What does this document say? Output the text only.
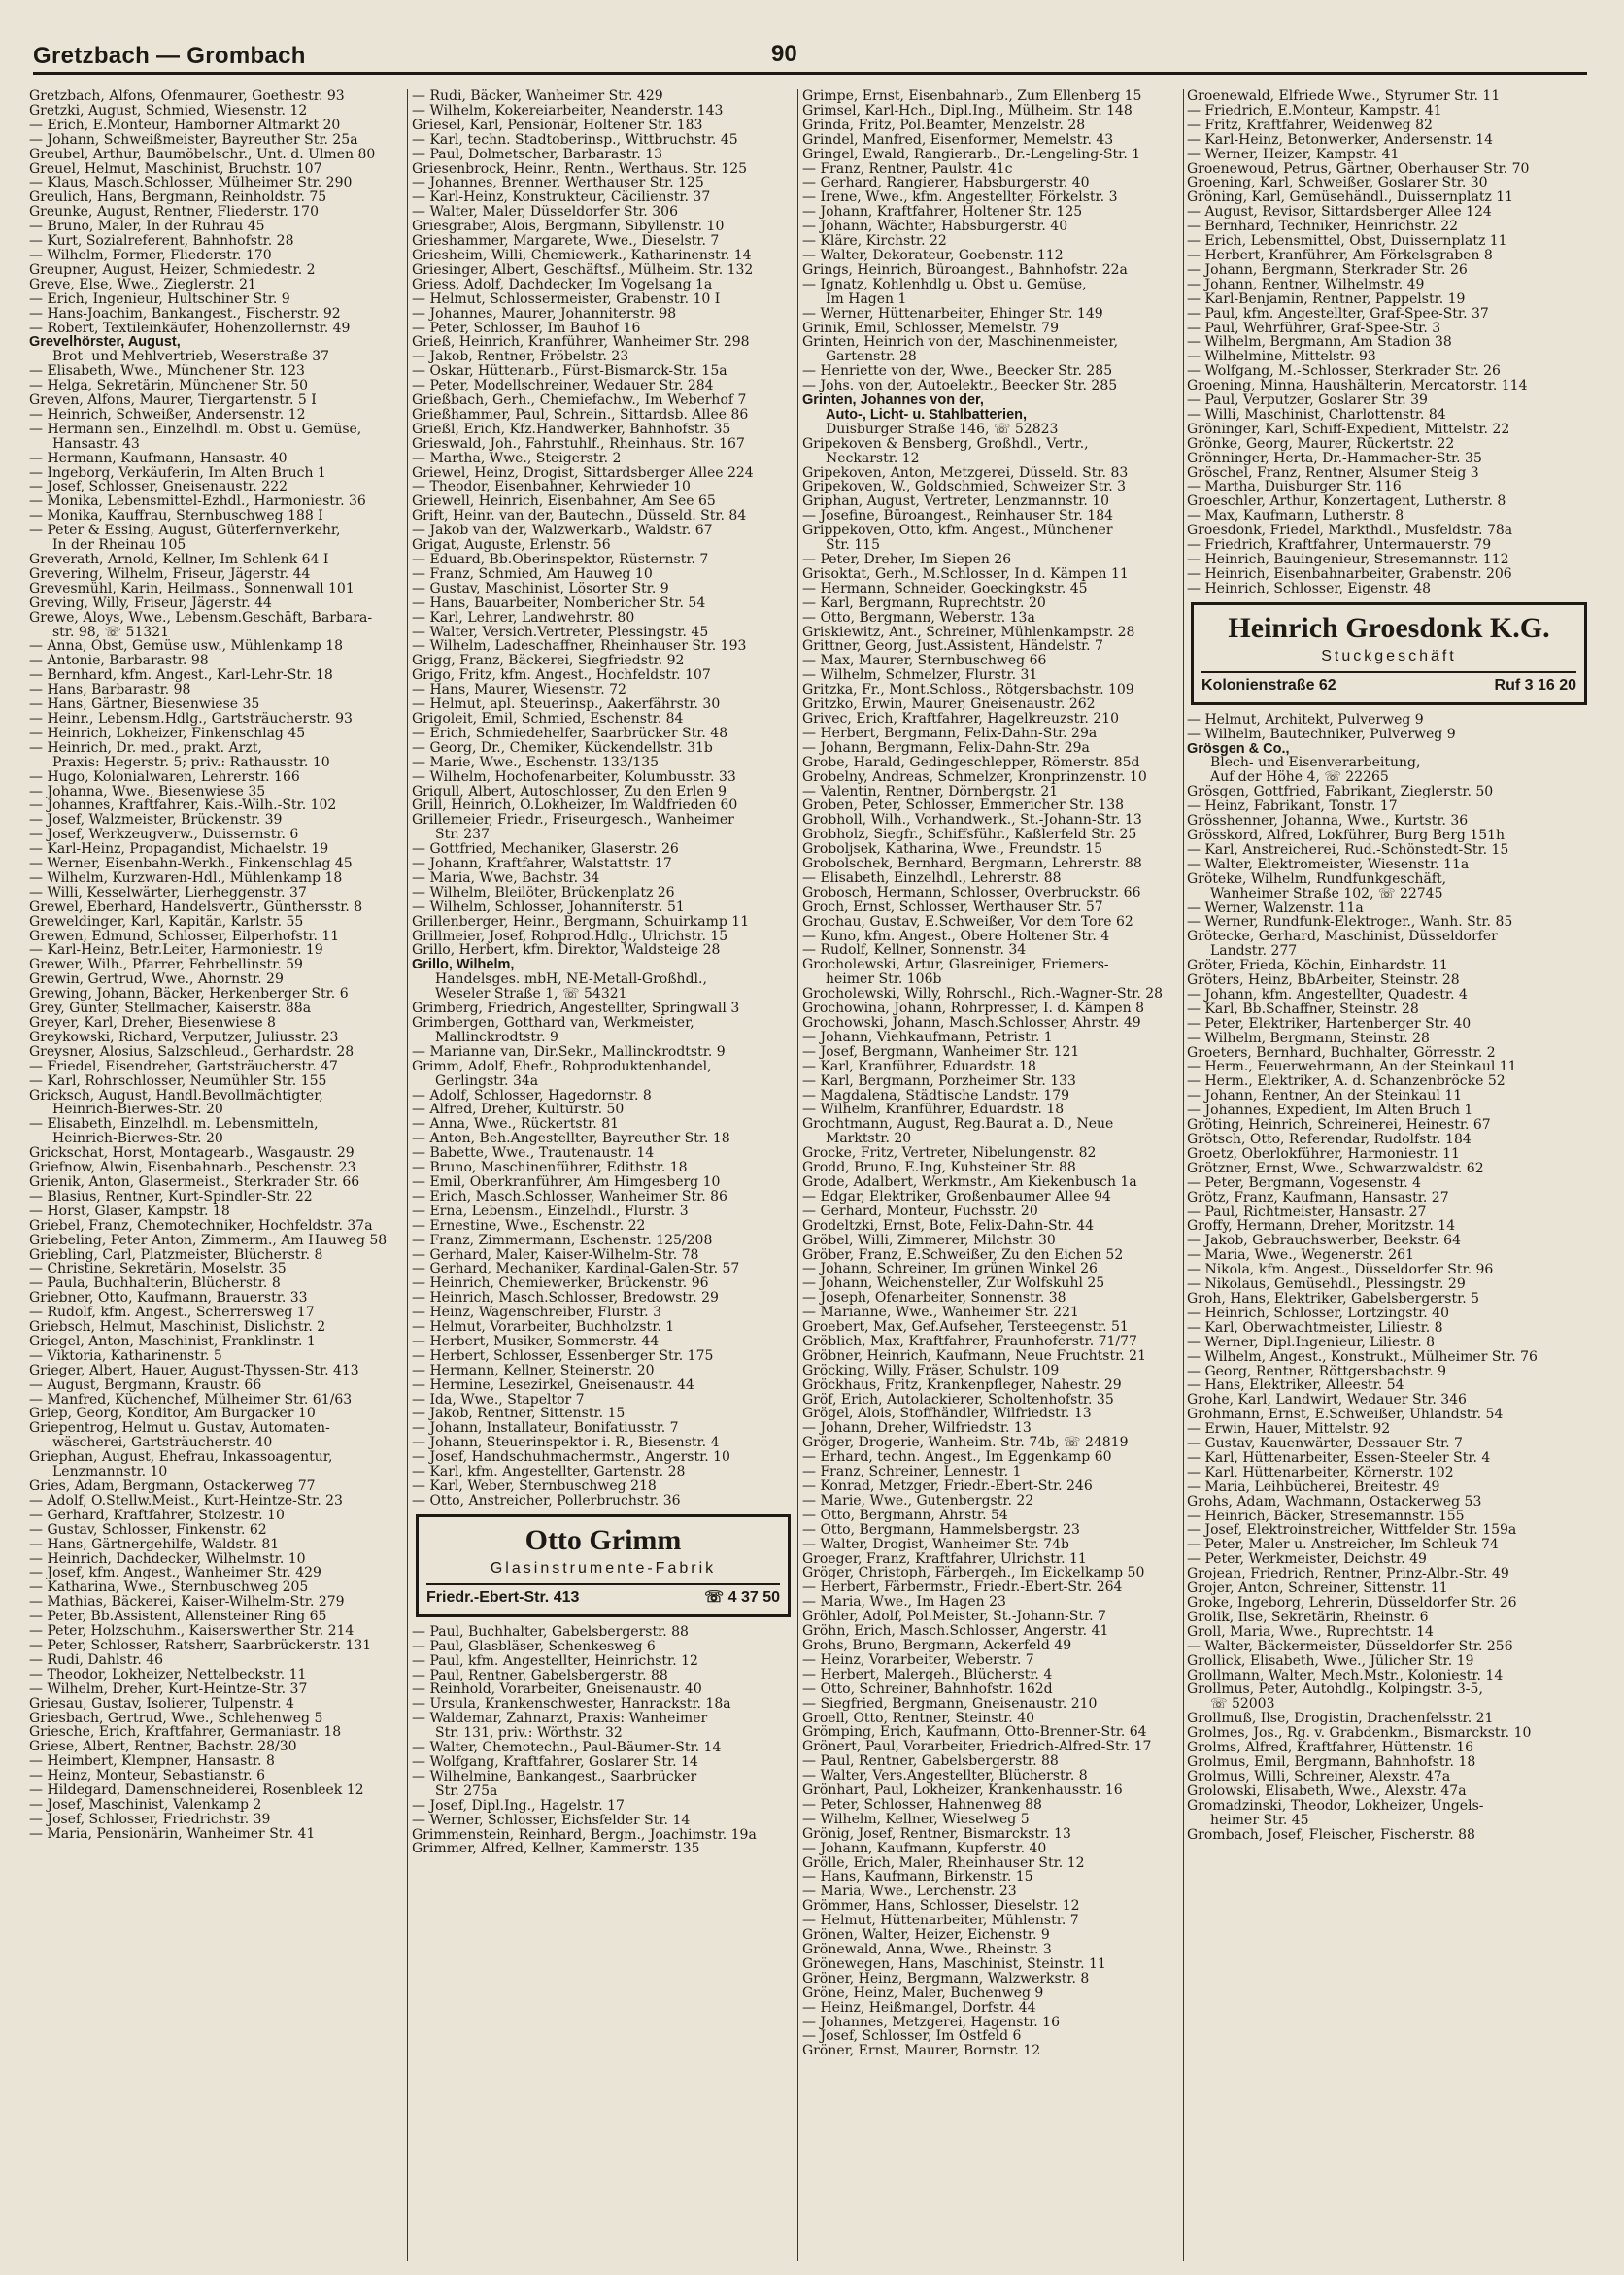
Gretzbach — Grombach	90
Gretzbach, Alfons, Ofenmaurer, Goethestr. 93
Gretzki, August, Schmied, Wiesenstr. 12
— Erich, E.Monteur, Hamborner Altmarkt 20
— Johann, Schweißmeister, Bayreuther Str. 25a
Greubel, Arthur, Baumöbelschr., Unt. d. Ulmen 80
Greuel, Helmut, Maschinist, Bruchstr. 107
— Klaus, Masch.Schlosser, Mülheimer Str. 290
Greulich, Hans, Bergmann, Reinholdstr. 75
Greunke, August, Rentner, Fliederstr. 170
— Bruno, Maler, In der Ruhrau 45
— Kurt, Sozialreferent, Bahnhofstr. 28
— Wilhelm, Former, Fliederstr. 170
Greupner, August, Heizer, Schmiedestr. 2
Greve, Else, Wwe., Zieglerstr. 21
— Erich, Ingenieur, Hultschiner Str. 9
— Hans-Joachim, Bankangest., Fischerstr. 92
— Robert, Textileinkäufer, Hohenzollernstr. 49
Grevelhörster, August,
Brot- und Mehlvertrieb, Weserstraße 37
— Elisabeth, Wwe., Münchener Str. 123
— Helga, Sekretärin, Münchener Str. 50
Greven, Alfons, Maurer, Tiergartenstr. 5 I
— Heinrich, Schweißer, Andersenstr. 12
— Hermann sen., Einzelhdl. m. Obst u. Gemüse,
Hansastr. 43
— Hermann, Kaufmann, Hansastr. 40
— Ingeborg, Verkäuferin, Im Alten Bruch 1
— Josef, Schlosser, Gneisenaustr. 222
— Monika, Lebensmittel-Ezhdl., Harmoniestr. 36
— Monika, Kauffrau, Sternbuschweg 188 I
— Peter & Essing, August, Güterfernverkehr,
In der Rheinau 105
Greverath, Arnold, Kellner, Im Schlenk 64 I
Grevering, Wilhelm, Friseur, Jägerstr. 44
Grevesmühl, Karin, Heilmass., Sonnenwall 101
Greving, Willy, Friseur, Jägerstr. 44
Grewe, Aloys, Wwe., Lebensm.Geschäft, Barbara-
str. 98, ☏ 51321
— Anna, Obst, Gemüse usw., Mühlenkamp 18
— Antonie, Barbarastr. 98
— Bernhard, kfm. Angest., Karl-Lehr-Str. 18
— Hans, Barbarastr. 98
— Hans, Gärtner, Biesenwiese 35
— Heinr., Lebensm.Hdlg., Gartsträucherstr. 93
— Heinrich, Lokheizer, Finkenschlag 45
— Heinrich, Dr. med., prakt. Arzt,
Praxis: Hegerstr. 5; priv.: Rathausstr. 10
— Hugo, Kolonialwaren, Lehrerstr. 166
— Johanna, Wwe., Biesenwiese 35
— Johannes, Kraftfahrer, Kais.-Wilh.-Str. 102
— Josef, Walzmeister, Brückenstr. 39
— Josef, Werkzeugverw., Duissernstr. 6
— Karl-Heinz, Propagandist, Michaelstr. 19
— Werner, Eisenbahn-Werkh., Finkenschlag 45
— Wilhelm, Kurzwaren-Hdl., Mühlenkamp 18
— Willi, Kesselwärter, Lierheggenstr. 37
Grewel, Eberhard, Handelsvertr., Günthersstr. 8
Greweldinger, Karl, Kapitän, Karlstr. 55
Grewen, Edmund, Schlosser, Eilperhofstr. 11
— Karl-Heinz, Betr.Leiter, Harmoniestr. 19
Grewer, Wilh., Pfarrer, Fehrbellinstr. 59
Grewin, Gertrud, Wwe., Ahornstr. 29
Grewing, Johann, Bäcker, Herkenberger Str. 6
Grey, Günter, Stellmacher, Kaiserstr. 88a
Greyer, Karl, Dreher, Biesenwiese 8
Greykowski, Richard, Verputzer, Juliusstr. 23
Greysner, Alosius, Salzschleud., Gerhardstr. 28
— Friedel, Eisendreher, Gartsträucherstr. 47
— Karl, Rohrschlosser, Neumühler Str. 155
Gricksch, August, Handl.Bevollmächtigter,
Heinrich-Bierwes-Str. 20
— Elisabeth, Einzelhdl. m. Lebensmitteln,
Heinrich-Bierwes-Str. 20
Grickschat, Horst, Montagearb., Wasgaustr. 29
Griefnow, Alwin, Eisenbahnarb., Peschenstr. 23
Grienik, Anton, Glasermeist., Sterkrader Str. 66
— Blasius, Rentner, Kurt-Spindler-Str. 22
— Horst, Glaser, Kampstr. 18
Griebel, Franz, Chemotechniker, Hochfeldstr. 37a
Griebeling, Peter Anton, Zimmerm., Am Hauweg 58
Griebling, Carl, Platzmeister, Blücherstr. 8
— Christine, Sekretärin, Moselstr. 35
— Paula, Buchhalterin, Blücherstr. 8
Griebner, Otto, Kaufmann, Brauerstr. 33
— Rudolf, kfm. Angest., Scherrersweg 17
Griebsch, Helmut, Maschinist, Dislichstr. 2
Griegel, Anton, Maschinist, Franklinstr. 1
— Viktoria, Katharinenstr. 5
Grieger, Albert, Hauer, August-Thyssen-Str. 413
— August, Bergmann, Kraustr. 66
— Manfred, Küchenchef, Mülheimer Str. 61/63
Griep, Georg, Konditor, Am Burgacker 10
Griepentrog, Helmut u. Gustav, Automaten-
wäscherei, Gartsträucherstr. 40
Griephan, August, Ehefrau, Inkassoagentur,
Lenzmannstr. 10
Gries, Adam, Bergmann, Ostackerweg 77
— Adolf, O.Stellw.Meist., Kurt-Heintze-Str. 23
— Gerhard, Kraftfahrer, Stolzestr. 10
— Gustav, Schlosser, Finkenstr. 62
— Hans, Gärtnergehilfe, Waldstr. 81
— Heinrich, Dachdecker, Wilhelmstr. 10
— Josef, kfm. Angest., Wanheimer Str. 429
— Katharina, Wwe., Sternbuschweg 205
— Mathias, Bäckerei, Kaiser-Wilhelm-Str. 279
— Peter, Bb.Assistent, Allensteiner Ring 65
— Peter, Holzschuhm., Kaiserswerther Str. 214
— Peter, Schlosser, Ratsherr, Saarbrückerstr. 131
— Rudi, Dahlstr. 46
— Theodor, Lokheizer, Nettelbeckstr. 11
— Wilhelm, Dreher, Kurt-Heintze-Str. 37
Griesau, Gustav, Isolierer, Tulpenstr. 4
Griesbach, Gertrud, Wwe., Schlehenweg 5
Griesche, Erich, Kraftfahrer, Germaniastr. 18
Griese, Albert, Rentner, Bachstr. 28/30
— Heimbert, Klempner, Hansastr. 8
— Heinz, Monteur, Sebastianstr. 6
— Hildegard, Damenschneiderei, Rosenbleek 12
— Josef, Maschinist, Valenkamp 2
— Josef, Schlosser, Friedrichstr. 39
— Maria, Pensionärin, Wanheimer Str. 41
— Rudi, Bäcker, Wanheimer Str. 429
— Wilhelm, Kokereiarbeiter, Neanderstr. 143
Griesel, Karl, Pensionär, Holtener Str. 183
— Karl, techn. Stadtoberinsp., Wittbruchstr. 45
— Paul, Dolmetscher, Barbarastr. 13
Griesenbrock, Heinr., Rentn., Werthaus. Str. 125
— Johannes, Brenner, Werthauser Str. 125
— Karl-Heinz, Konstrukteur, Cäcilienstr. 37
— Walter, Maler, Düsseldorfer Str. 306
Griesgraber, Alois, Bergmann, Sibyllenstr. 10
Grieshammer, Margarete, Wwe., Dieselstr. 7
Griesheim, Willi, Chemiewerk., Katharinenstr. 14
Griesinger, Albert, Geschäftsf., Mülheim. Str. 132
Griess, Adolf, Dachdecker, Im Vogelsang 1a
— Helmut, Schlossermeister, Grabenstr. 10 I
— Johannes, Maurer, Johanniterstr. 98
— Peter, Schlosser, Im Bauhof 16
Grieß, Heinrich, Kranführer, Wanheimer Str. 298
— Jakob, Rentner, Fröbelstr. 23
— Oskar, Hüttenarb., Fürst-Bismarck-Str. 15a
— Peter, Modellschreiner, Wedauer Str. 284
Grießbach, Gerh., Chemiefachw., Im Weberhof 7
Grießhammer, Paul, Schrein., Sittardsb. Allee 86
Grießl, Erich, Kfz.Handwerker, Bahnhofstr. 35
Grieswald, Joh., Fahrstuhlf., Rheinhaus. Str. 167
— Martha, Wwe., Steigerstr. 2
Griewel, Heinz, Drogist, Sittardsberger Allee 224
— Theodor, Eisenbahner, Kehrwieder 10
Griewell, Heinrich, Eisenbahner, Am See 65
Grift, Heinr. van der, Bautechn., Düsseld. Str. 84
— Jakob van der, Walzwerkarb., Waldstr. 67
Grigat, Auguste, Erlenstr. 56
— Eduard, Bb.Oberinspektor, Rüsternstr. 7
— Franz, Schmied, Am Hauweg 10
— Gustav, Maschinist, Lösorter Str. 9
— Hans, Bauarbeiter, Nombericher Str. 54
— Karl, Lehrer, Landwehrstr. 80
— Walter, Versich.Vertreter, Plessingstr. 45
— Wilhelm, Ladeschaffner, Rheinhauser Str. 193
Grigg, Franz, Bäckerei, Siegfriedstr. 92
Grigo, Fritz, kfm. Angest., Hochfeldstr. 107
— Hans, Maurer, Wiesenstr. 72
— Helmut, apl. Steuerinsp., Aakerfährstr. 30
Grigoleit, Emil, Schmied, Eschenstr. 84
— Erich, Schmiedehelfer, Saarbrücker Str. 48
— Georg, Dr., Chemiker, Kückendellstr. 31b
— Marie, Wwe., Eschenstr. 133/135
— Wilhelm, Hochofenarbeiter, Kolumbusstr. 33
Grigull, Albert, Autoschlosser, Zu den Erlen 9
Grill, Heinrich, O.Lokheizer, Im Waldfrieden 60
Grillemeier, Friedr., Friseurgesch., Wanheimer
Str. 237
— Gottfried, Mechaniker, Glaserstr. 26
— Johann, Kraftfahrer, Walstattstr. 17
— Maria, Wwe, Bachstr. 34
— Wilhelm, Bleilöter, Brückenplatz 26
— Wilhelm, Schlosser, Johanniterstr. 51
Grillenberger, Heinr., Bergmann, Schuirkamp 11
Grillmeier, Josef, Rohprod.Hdlg., Ulrichstr. 15
Grillo, Herbert, kfm. Direktor, Waldsteige 28
Grillo, Wilhelm,
Handelsges. mbH, NE-Metall-Großhdl.,
Weseler Straße 1, ☏ 54321
Grimberg, Friedrich, Angestellter, Springwall 3
Grimbergen, Gotthard van, Werkmeister,
Mallinckrodtstr. 9
— Marianne van, Dir.Sekr., Mallinckrodtstr. 9
Grimm, Adolf, Ehefr., Rohproduktenhandel,
Gerlingstr. 34a
— Adolf, Schlosser, Hagedornstr. 8
— Alfred, Dreher, Kulturstr. 50
— Anna, Wwe., Rückertstr. 81
— Anton, Beh.Angestellter, Bayreuther Str. 18
— Babette, Wwe., Trautenaustr. 14
— Bruno, Maschinenführer, Edithstr. 18
— Emil, Oberkranführer, Am Himgesberg 10
— Erich, Masch.Schlosser, Wanheimer Str. 86
— Erna, Lebensm., Einzelhdl., Flurstr. 3
— Ernestine, Wwe., Eschenstr. 22
— Franz, Zimmermann, Eschenstr. 125/208
— Gerhard, Maler, Kaiser-Wilhelm-Str. 78
— Gerhard, Mechaniker, Kardinal-Galen-Str. 57
— Heinrich, Chemiewerker, Brückenstr. 96
— Heinrich, Masch.Schlosser, Bredowstr. 29
— Heinz, Wagenschreiber, Flurstr. 3
— Helmut, Vorarbeiter, Buchholzstr. 1
— Herbert, Musiker, Sommerstr. 44
— Herbert, Schlosser, Essenberger Str. 175
— Hermann, Kellner, Steinerstr. 20
— Hermine, Lesezirkel, Gneisenaustr. 44
— Ida, Wwe., Stapeltor 7
— Jakob, Rentner, Sittenstr. 15
— Johann, Installateur, Bonifatiusstr. 7
— Johann, Steuerinspektor i. R., Biesenstr. 4
— Josef, Handschuhmachermstr., Angerstr. 10
— Karl, kfm. Angestellter, Gartenstr. 28
— Karl, Weber, Sternbuschweg 218
— Otto, Anstreicher, Pollerbruchstr. 36
Otto Grimm
Glasinstrumente-Fabrik
Friedr.-Ebert-Str. 413	☏ 4 37 50
— Paul, Buchhalter, Gabelsbergerstr. 88
— Paul, Glasbläser, Schenkesweg 6
— Paul, kfm. Angestellter, Heinrichstr. 12
— Paul, Rentner, Gabelsbergerstr. 88
— Reinhold, Vorarbeiter, Gneisenaustr. 40
— Ursula, Krankenschwester, Hanrackstr. 18a
— Waldemar, Zahnarzt, Praxis: Wanheimer
Str. 131, priv.: Wörthstr. 32
— Walter, Chemotechn., Paul-Bäumer-Str. 14
— Wolfgang, Kraftfahrer, Goslarer Str. 14
— Wilhelmine, Bankangest., Saarbrücker
Str. 275a
— Josef, Dipl.Ing., Hagelstr. 17
— Werner, Schlosser, Eichsfelder Str. 14
Grimmenstein, Reinhard, Bergm., Joachimstr. 19a
Grimmer, Alfred, Kellner, Kammerstr. 135
Grimpe, Ernst, Eisenbahnarb., Zum Ellenberg 15
Grimsel, Karl-Hch., Dipl.Ing., Mülheim. Str. 148
Grinda, Fritz, Pol.Beamter, Menzelstr. 28
Grindel, Manfred, Eisenformer, Memelstr. 43
Gringel, Ewald, Rangierarb., Dr.-Lengeling-Str. 1
— Franz, Rentner, Paulstr. 41c
— Gerhard, Rangierer, Habsburgerstr. 40
— Irene, Wwe., kfm. Angestellter, Förkelstr. 3
— Johann, Kraftfahrer, Holtener Str. 125
— Johann, Wächter, Habsburgerstr. 40
— Kläre, Kirchstr. 22
— Walter, Dekorateur, Goebenstr. 112
Grings, Heinrich, Büroangest., Bahnhofstr. 22a
— Ignatz, Kohlenhdlg u. Obst u. Gemüse,
Im Hagen 1
— Werner, Hüttenarbeiter, Ehinger Str. 149
Grinik, Emil, Schlosser, Memelstr. 79
Grinten, Heinrich von der, Maschinenmeister,
Gartenstr. 28
— Henriette von der, Wwe., Beecker Str. 285
— Johs. von der, Autoelektr., Beecker Str. 285
Grinten, Johannes von der,
Auto-, Licht- u. Stahlbatterien,
Duisburger Straße 146, ☏ 52823
Gripekoven & Bensberg, Großhdl., Vertr.,
Neckarstr. 12
Gripekoven, Anton, Metzgerei, Düsseld. Str. 83
Gripekoven, W., Goldschmied, Schweizer Str. 3
Griphan, August, Vertreter, Lenzmannstr. 10
— Josefine, Büroangest., Reinhauser Str. 184
Grippekoven, Otto, kfm. Angest., Münchener
Str. 115
— Peter, Dreher, Im Siepen 26
Grisoktat, Gerh., M.Schlosser, In d. Kämpen 11
— Hermann, Schneider, Goeckingkstr. 45
— Karl, Bergmann, Ruprechtstr. 20
— Otto, Bergmann, Weberstr. 13a
Griskiewitz, Ant., Schreiner, Mühlenkampstr. 28
Grittner, Georg, Just.Assistent, Händelstr. 7
— Max, Maurer, Sternbuschweg 66
— Wilhelm, Schmelzer, Flurstr. 31
Gritzka, Fr., Mont.Schloss., Rötgersbachstr. 109
Gritzko, Erwin, Maurer, Gneisenaustr. 262
Grivec, Erich, Kraftfahrer, Hagelkreuzstr. 210
— Herbert, Bergmann, Felix-Dahn-Str. 29a
— Johann, Bergmann, Felix-Dahn-Str. 29a
Grobe, Harald, Gedingeschlepper, Römerstr. 85d
Grobelny, Andreas, Schmelzer, Kronprinzenstr. 10
— Valentin, Rentner, Dörnbergstr. 21
Groben, Peter, Schlosser, Emmericher Str. 138
Grobholl, Wilh., Vorhandwerk., St.-Johann-Str. 13
Grobholz, Siegfr., Schiffsführ., Kaßlerfeld Str. 25
Groboljsek, Katharina, Wwe., Freundstr. 15
Grobolschek, Bernhard, Bergmann, Lehrerstr. 88
— Elisabeth, Einzelhdl., Lehrerstr. 88
Grobosch, Hermann, Schlosser, Overbruckstr. 66
Groch, Ernst, Schlosser, Werthauser Str. 57
Grochau, Gustav, E.Schweißer, Vor dem Tore 62
— Kuno, kfm. Angest., Obere Holtener Str. 4
— Rudolf, Kellner, Sonnenstr. 34
Grocholewski, Artur, Glasreiniger, Friemers-
heimer Str. 106b
Grocholewski, Willy, Rohrschl., Rich.-Wagner-Str. 28
Grochowina, Johann, Rohrpresser, I. d. Kämpen 8
Grochowski, Johann, Masch.Schlosser, Ahrstr. 49
— Johann, Viehkaufmann, Petristr. 1
— Josef, Bergmann, Wanheimer Str. 121
— Karl, Kranführer, Eduardstr. 18
— Karl, Bergmann, Porzheimer Str. 133
— Magdalena, Städtische Landstr. 179
— Wilhelm, Kranführer, Eduardstr. 18
Grochtmann, August, Reg.Baurat a. D., Neue
Marktstr. 20
Grocke, Fritz, Vertreter, Nibelungenstr. 82
Grodd, Bruno, E.Ing, Kuhsteiner Str. 88
Grode, Adalbert, Werkmstr., Am Kiekenbusch 1a
— Edgar, Elektriker, Großenbaumer Allee 94
— Gerhard, Monteur, Fuchsstr. 20
Grodeltzki, Ernst, Bote, Felix-Dahn-Str. 44
Gröbel, Willi, Zimmerer, Milchstr. 30
Gröber, Franz, E.Schweißer, Zu den Eichen 52
— Johann, Schreiner, Im grünen Winkel 26
— Johann, Weichensteller, Zur Wolfskuhl 25
— Joseph, Ofenarbeiter, Sonnenstr. 38
— Marianne, Wwe., Wanheimer Str. 221
Groebert, Max, Gef.Aufseher, Tersteegenstr. 51
Gröblich, Max, Kraftfahrer, Fraunhoferstr. 71/77
Gröbner, Heinrich, Kaufmann, Neue Fruchtstr. 21
Gröcking, Willy, Fräser, Schulstr. 109
Gröckhaus, Fritz, Krankenpfleger, Nahestr. 29
Gröf, Erich, Autolackierer, Scholtenhofstr. 35
Grögel, Alois, Stoffhändler, Wilfriedstr. 13
— Johann, Dreher, Wilfriedstr. 13
Gröger, Drogerie, Wanheim. Str. 74b, ☏ 24819
— Erhard, techn. Angest., Im Eggenkamp 60
— Franz, Schreiner, Lennestr. 1
— Konrad, Metzger, Friedr.-Ebert-Str. 246
— Marie, Wwe., Gutenbergstr. 22
— Otto, Bergmann, Ahrstr. 54
— Otto, Bergmann, Hammelsbergstr. 23
— Walter, Drogist, Wanheimer Str. 74b
Groeger, Franz, Kraftfahrer, Ulrichstr. 11
Gröger, Christoph, Färbergeh., Im Eickelkamp 50
— Herbert, Färbermstr., Friedr.-Ebert-Str. 264
— Maria, Wwe., Im Hagen 23
Gröhler, Adolf, Pol.Meister, St.-Johann-Str. 7
Gröhn, Erich, Masch.Schlosser, Angerstr. 41
Grohs, Bruno, Bergmann, Ackerfeld 49
— Heinz, Vorarbeiter, Weberstr. 7
— Herbert, Malergeh., Blücherstr. 4
— Otto, Schreiner, Bahnhofstr. 162d
— Siegfried, Bergmann, Gneisenaustr. 210
Groell, Otto, Rentner, Steinstr. 40
Grömping, Erich, Kaufmann, Otto-Brenner-Str. 64
Grönert, Paul, Vorarbeiter, Friedrich-Alfred-Str. 17
— Paul, Rentner, Gabelsbergerstr. 88
— Walter, Vers.Angestellter, Blücherstr. 8
Grönhart, Paul, Lokheizer, Krankenhausstr. 16
— Peter, Schlosser, Hahnenweg 88
— Wilhelm, Kellner, Wieselweg 5
Grönig, Josef, Rentner, Bismarckstr. 13
— Johann, Kaufmann, Kupferstr. 40
Grölle, Erich, Maler, Rheinhauser Str. 12
— Hans, Kaufmann, Birkenstr. 15
— Maria, Wwe., Lerchenstr. 23
Grömmer, Hans, Schlosser, Dieselstr. 12
— Helmut, Hüttenarbeiter, Mühlenstr. 7
Grönen, Walter, Heizer, Eichenstr. 9
Grönewald, Anna, Wwe., Rheinstr. 3
Grönewegen, Hans, Maschinist, Steinstr. 11
Gröner, Heinz, Bergmann, Walzwerkstr. 8
Gröne, Heinz, Maler, Buchenweg 9
— Heinz, Heißmangel, Dorfstr. 44
— Johannes, Metzgerei, Hagenstr. 16
— Josef, Schlosser, Im Ostfeld 6
Gröner, Ernst, Maurer, Bornstr. 12
Groenewald, Elfriede Wwe., Styrumer Str. 11
— Friedrich, E.Monteur, Kampstr. 41
— Fritz, Kraftfahrer, Weidenweg 82
— Karl-Heinz, Betonwerker, Andersenstr. 14
— Werner, Heizer, Kampstr. 41
Groenewoud, Petrus, Gärtner, Oberhauser Str. 70
Groening, Karl, Schweißer, Goslarer Str. 30
Gröning, Karl, Gemüsehändl., Duissernplatz 11
— August, Revisor, Sittardsberger Allee 124
— Bernhard, Techniker, Heinrichstr. 22
— Erich, Lebensmittel, Obst, Duissernplatz 11
— Herbert, Kranführer, Am Förkelsgraben 8
— Johann, Bergmann, Sterkrader Str. 26
— Johann, Rentner, Wilhelmstr. 49
— Karl-Benjamin, Rentner, Pappelstr. 19
— Paul, kfm. Angestellter, Graf-Spee-Str. 37
— Paul, Wehrführer, Graf-Spee-Str. 3
— Wilhelm, Bergmann, Am Stadion 38
— Wilhelmine, Mittelstr. 93
— Wolfgang, M.-Schlosser, Sterkrader Str. 26
Groening, Minna, Haushälterin, Mercatorstr. 114
— Paul, Verputzer, Goslarer Str. 39
— Willi, Maschinist, Charlottenstr. 84
Gröninger, Karl, Schiff-Expedient, Mittelstr. 22
Grönke, Georg, Maurer, Rückertstr. 22
Grönninger, Herta, Dr.-Hammacher-Str. 35
Gröschel, Franz, Rentner, Alsumer Steig 3
— Martha, Duisburger Str. 116
Groeschler, Arthur, Konzertagent, Lutherstr. 8
— Max, Kaufmann, Lutherstr. 8
Groesdonk, Friedel, Markthdl., Musfeldstr. 78a
— Friedrich, Kraftfahrer, Untermauerstr. 79
— Heinrich, Bauingenieur, Stresemannstr. 112
— Heinrich, Eisenbahnarbeiter, Grabenstr. 206
— Heinrich, Schlosser, Eigenstr. 48
Heinrich Groesdonk K.G.
Stuckgeschäft
Kolonienstraße 62	Ruf 3 16 20
— Helmut, Architekt, Pulverweg 9
— Wilhelm, Bautechniker, Pulverweg 9
Grösgen & Co.,
Blech- und Eisenverarbeitung,
Auf der Höhe 4, ☏ 22265
Grösgen, Gottfried, Fabrikant, Zieglerstr. 50
— Heinz, Fabrikant, Tonstr. 17
Grösshenner, Johanna, Wwe., Kurtstr. 36
Grösskord, Alfred, Lokführer, Burg Berg 151h
— Karl, Anstreicherei, Rud.-Schönstedt-Str. 15
— Walter, Elektromeister, Wiesenstr. 11a
Gröteke, Wilhelm, Rundfunkgeschäft,
Wanheimer Straße 102, ☏ 22745
— Werner, Walzenstr. 11a
— Werner, Rundfunk-Elektroger., Wanh. Str. 85
Grötecke, Gerhard, Maschinist, Düsseldorfer
Landstr. 277
Gröter, Frieda, Köchin, Einhardstr. 11
Gröters, Heinz, BbArbeiter, Steinstr. 28
— Johann, kfm. Angestellter, Quadestr. 4
— Karl, Bb.Schaffner, Steinstr. 28
— Peter, Elektriker, Hartenberger Str. 40
— Wilhelm, Bergmann, Steinstr. 28
Groeters, Bernhard, Buchhalter, Görresstr. 2
— Herm., Feuerwehrmann, An der Steinkaul 11
— Herm., Elektriker, A. d. Schanzenbröcke 52
— Johann, Rentner, An der Steinkaul 11
— Johannes, Expedient, Im Alten Bruch 1
Gröting, Heinrich, Schreinerei, Heinestr. 67
Grötsch, Otto, Referendar, Rudolfstr. 184
Groetz, Oberlokführer, Harmoniestr. 11
Grötzner, Ernst, Wwe., Schwarzwaldstr. 62
— Peter, Bergmann, Vogesenstr. 4
Grötz, Franz, Kaufmann, Hansastr. 27
— Paul, Richtmeister, Hansastr. 27
Groffy, Hermann, Dreher, Moritzstr. 14
— Jakob, Gebrauchswerber, Beekstr. 64
— Maria, Wwe., Wegenerstr. 261
— Nikola, kfm. Angest., Düsseldorfer Str. 96
— Nikolaus, Gemüsehdl., Plessingstr. 29
Groh, Hans, Elektriker, Gabelsbergerstr. 5
— Heinrich, Schlosser, Lortzingstr. 40
— Karl, Oberwachtmeister, Liliestr. 8
— Werner, Dipl.Ingenieur, Liliestr. 8
— Wilhelm, Angest., Konstrukt., Mülheimer Str. 76
— Georg, Rentner, Röttgersbachstr. 9
— Hans, Elektriker, Alleestr. 54
Grohe, Karl, Landwirt, Wedauer Str. 346
Grohmann, Ernst, E.Schweißer, Uhlandstr. 54
— Erwin, Hauer, Mittelstr. 92
— Gustav, Kauenwärter, Dessauer Str. 7
— Karl, Hüttenarbeiter, Essen-Steeler Str. 4
— Karl, Hüttenarbeiter, Körnerstr. 102
— Maria, Leihbücherei, Breitestr. 49
Grohs, Adam, Wachmann, Ostackerweg 53
— Heinrich, Bäcker, Stresemannstr. 155
— Josef, Elektroinstreicher, Wittfelder Str. 159a
— Peter, Maler u. Anstreicher, Im Schleuk 74
— Peter, Werkmeister, Deichstr. 49
Grojean, Friedrich, Rentner, Prinz-Albr.-Str. 49
Grojer, Anton, Schreiner, Sittenstr. 11
Groke, Ingeborg, Lehrerin, Düsseldorfer Str. 26
Grolik, Ilse, Sekretärin, Rheinstr. 6
Groll, Maria, Wwe., Ruprechtstr. 14
— Walter, Bäckermeister, Düsseldorfer Str. 256
Grollick, Elisabeth, Wwe., Jülicher Str. 19
Grollmann, Walter, Mech.Mstr., Koloniestr. 14
Grollmus, Peter, Autohdlg., Kolpingstr. 3-5,
☏ 52003
Grollmuß, Ilse, Drogistin, Drachenfelsstr. 21
Grolmes, Jos., Rg. v. Grabdenkm., Bismarckstr. 10
Grolms, Alfred, Kraftfahrer, Hüttenstr. 16
Grolmus, Emil, Bergmann, Bahnhofstr. 18
Grolmus, Willi, Schreiner, Alexstr. 47a
Grolowski, Elisabeth, Wwe., Alexstr. 47a
Gromadzinski, Theodor, Lokheizer, Ungels-
heimer Str. 45
Grombach, Josef, Fleischer, Fischerstr. 88
